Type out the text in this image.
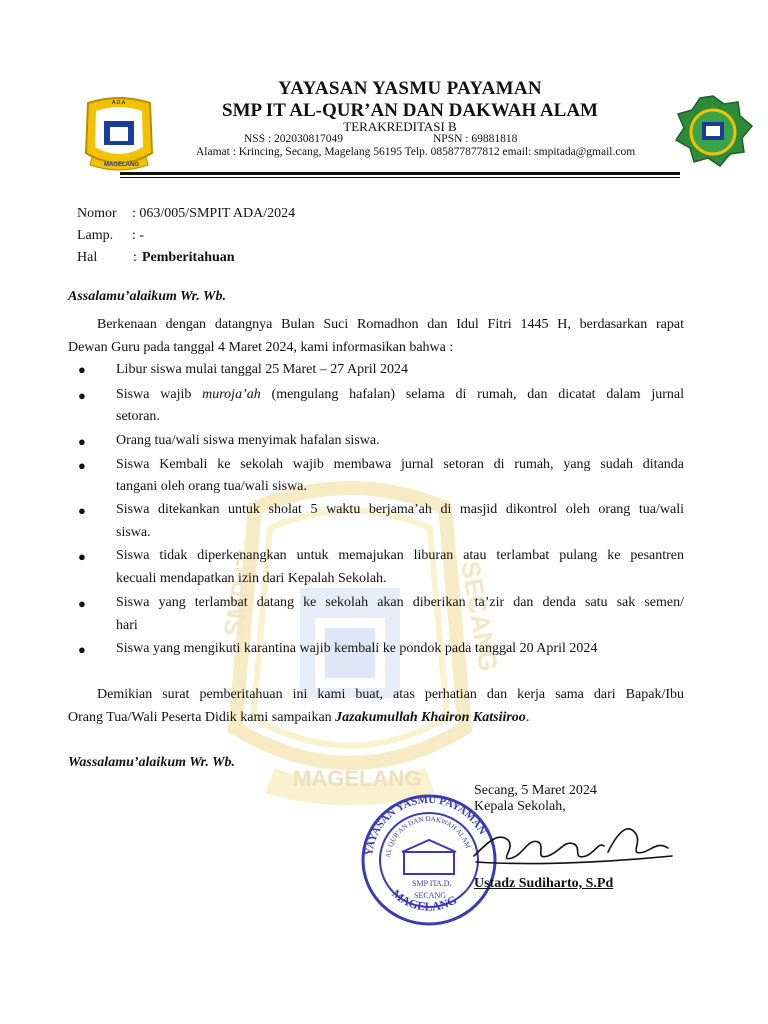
SMP IT	SECANG
MAGELANG
MAGELANG
A.D.A
YAYASAN YASMU PAYAMAN
SMP IT AL-QUR’AN DAN DAKWAH ALAM
TERAKREDITASI B
NSS : 202030817049	NPSN : 69881818
Alamat : Krincing, Secang, Magelang 56195 Telp. 085877877812 email: smpitada@gmail.com
Nomor : 063/005/SMPIT ADA/2024
Lamp. : -
Hal	: Pemberitahuan
Assalamu’alaikum Wr. Wb.
Berkenaan dengan datangnya Bulan Suci Romadhon dan Idul Fitri 1445 H, berdasarkan rapat
Dewan Guru pada tanggal 4 Maret 2024, kami informasikan bahwa :
● Libur siswa mulai tanggal 25 Maret – 27 April 2024
● Siswa wajib muroja’ah (mengulang hafalan) selama di rumah, dan dicatat dalam jurnal
setoran.
● Orang tua/wali siswa menyimak hafalan siswa.
● Siswa Kembali ke sekolah wajib membawa jurnal setoran di rumah, yang sudah ditanda
tangani oleh orang tua/wali siswa.
● Siswa ditekankan untuk sholat 5 waktu berjama’ah di masjid dikontrol oleh orang tua/wali
siswa.
● Siswa tidak diperkenangkan untuk memajukan liburan atau terlambat pulang ke pesantren
kecuali mendapatkan izin dari Kepalah Sekolah.
● Siswa yang terlambat datang ke sekolah akan diberikan ta’zir dan denda satu sak semen/
hari
● Siswa yang mengikuti karantina wajib kembali ke pondok pada tanggal 20 April 2024
Demikian surat pemberitahuan ini kami buat, atas perhatian dan kerja sama dari Bapak/Ibu
Orang Tua/Wali Peserta Didik kami sampaikan Jazakumullah Khairon Katsiiroo.
Wassalamu’alaikum Wr. Wb.
Secang, 5 Maret 2024
Kepala Sekolah,
YAYASAN YASMU PAYAMAN
MAGELANG
AL QUR'AN DAN DAKWAH ALAM
SMP IT
A.D.
SECANG
Ustadz Sudiharto, S.Pd
